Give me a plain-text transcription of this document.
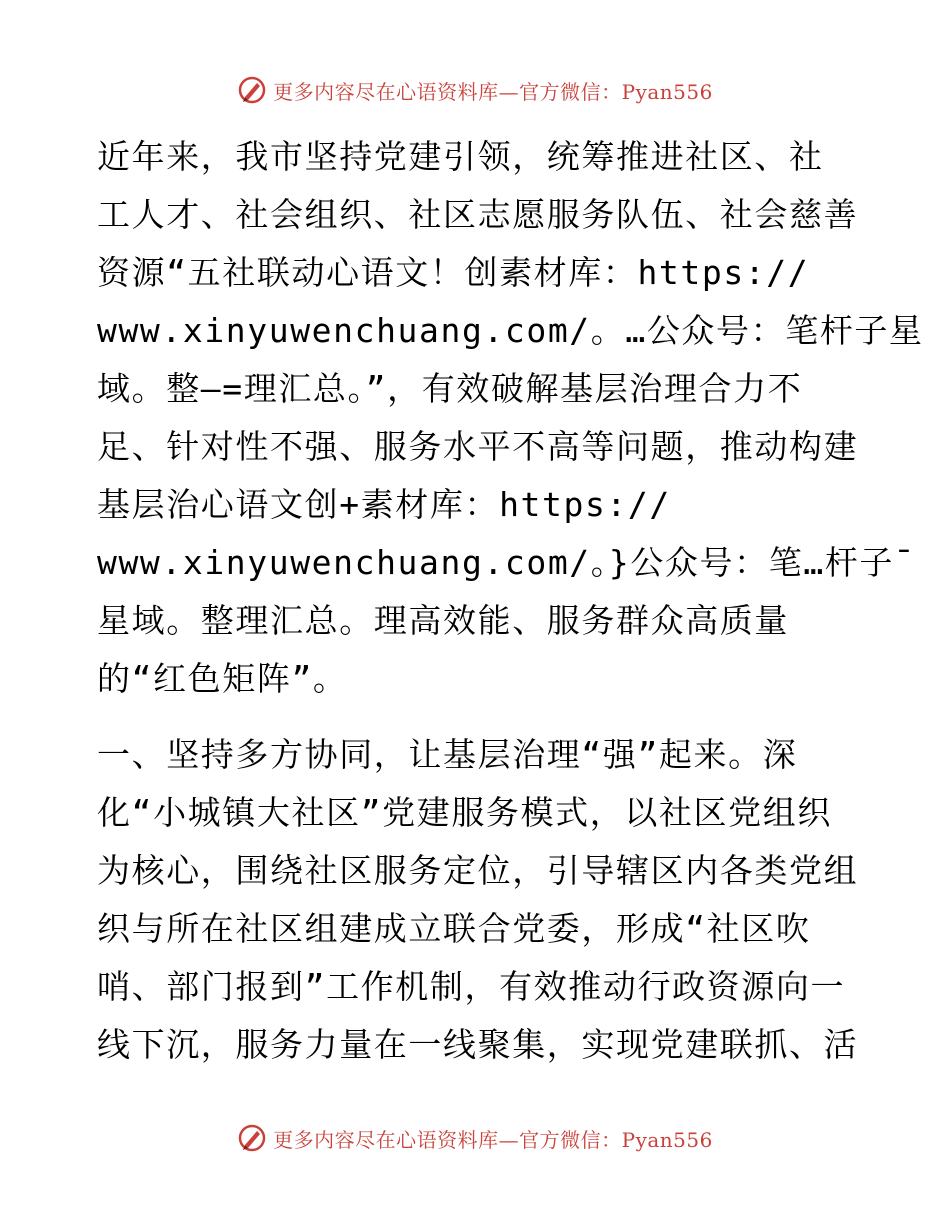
更多内容尽在心语资料库—官方微信：Pyan556
近年来，我市坚持党建引领，统筹推进社区、社
工人才、社会组织、社区志愿服务队伍、社会慈善
资源“五社联动心语文！创素材库：https://
www.xinyuwenchuang.com/。…公众号：笔杆子星
域。整—=理汇总。”，有效破解基层治理合力不
足、针对性不强、服务水平不高等问题，推动构建
基层治心语文创+素材库：https://
www.xinyuwenchuang.com/。}公众号：笔…杆子¯
星域。整理汇总。理高效能、服务群众高质量
的“红色矩阵”。
一、坚持多方协同，让基层治理“强”起来。深
化“小城镇大社区”党建服务模式，以社区党组织
为核心，围绕社区服务定位，引导辖区内各类党组
织与所在社区组建成立联合党委，形成“社区吹
哨、部门报到”工作机制，有效推动行政资源向一
线下沉，服务力量在一线聚集，实现党建联抓、活
更多内容尽在心语资料库—官方微信：Pyan556
